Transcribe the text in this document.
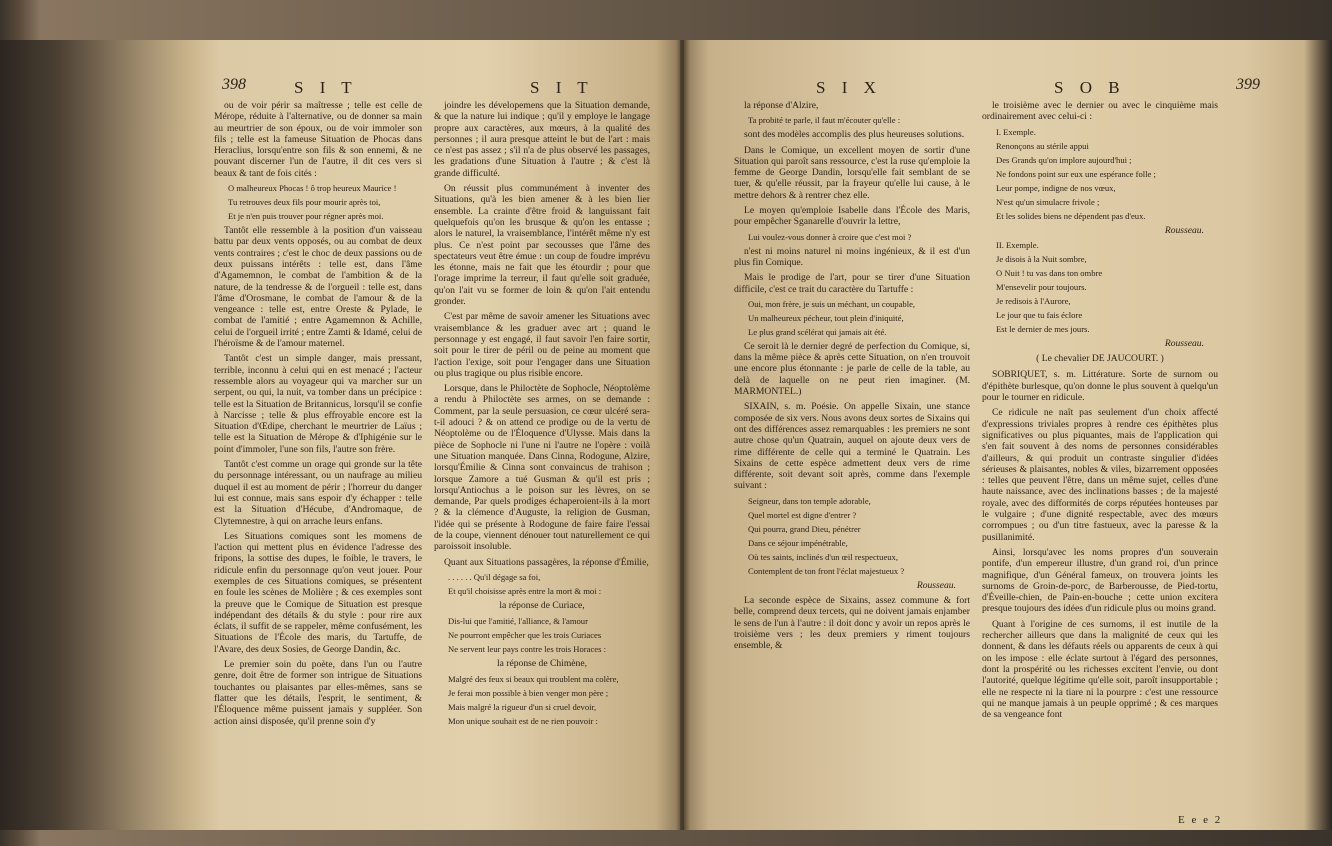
398	S I T	S I T

ou de voir périr sa maîtresse ; telle est celle de Mérope, réduite à l'alternative, ou de donner sa main au meurtrier de son époux, ou de voir immoler son fils ; telle est la fameuse Situation de Phocas dans Heraclius, lorsqu'entre son fils & son ennemi, & ne pouvant discerner l'un de l'autre, il dit ces vers si beaux & tant de fois cités :

O malheureux Phocas ! ô trop heureux Maurice !

Tu retrouves deux fils pour mourir après toi,

Et je n'en puis trouver pour régner après moi.

Tantôt elle ressemble à la position d'un vaisseau battu par deux vents opposés, ou au combat de deux vents contraires ; c'est le choc de deux passions ou de deux puissans intérêts : telle est, dans l'âme d'Agamemnon, le combat de l'ambition & de la nature, de la tendresse & de l'orgueil : telle est, dans l'âme d'Orosmane, le combat de l'amour & de la vengeance : telle est, entre Oreste & Pylade, le combat de l'amitié ; entre Agamemnon & Achille, celui de l'orgueil irrité ; entre Zamti & Idamé, celui de l'héroïsme & de l'amour maternel.

Tantôt c'est un simple danger, mais pressant, terrible, inconnu à celui qui en est menacé ; l'acteur ressemble alors au voyageur qui va marcher sur un serpent, ou qui, la nuit, va tomber dans un précipice : telle est la Situation de Britannicus, lorsqu'il se confie à Narcisse ; telle & plus effroyable encore est la Situation d'Œdipe, cherchant le meurtrier de Laïus ; telle est la Situation de Mérope & d'Iphigénie sur le point d'immoler, l'une son fils, l'autre son frère.

Tantôt c'est comme un orage qui gronde sur la tête du personnage intéressant, ou un naufrage au milieu duquel il est au moment de périr ; l'horreur du danger lui est connue, mais sans espoir d'y échapper : telle est la Situation d'Hécube, d'Andromaque, de Clytemnestre, à qui on arrache leurs enfans.

Les Situations comiques sont les momens de l'action qui mettent plus en évidence l'adresse des fripons, la sottise des dupes, le foible, le travers, le ridicule enfin du personnage qu'on veut jouer. Pour exemples de ces Situations comiques, se présentent en foule les scènes de Molière ; & ces exemples sont la preuve que le Comique de Situation est presque indépendant des détails & du style : pour rire aux éclats, il suffit de se rappeler, même confusément, les Situations de l'École des maris, du Tartuffe, de l'Avare, des deux Sosies, de George Dandin, &c.

Le premier soin du poète, dans l'un ou l'autre genre, doit être de former son intrigue de Situations touchantes ou plaisantes par elles-mêmes, sans se flatter que les détails, l'esprit, le sentiment, & l'Éloquence même puissent jamais y suppléer. Son action ainsi disposée, qu'il prenne soin d'y

joindre les dévelopemens que la Situation demande, & que la nature lui indique ; qu'il y employe le langage propre aux caractères, aux mœurs, à la qualité des personnes ; il aura presque atteint le but de l'art : mais ce n'est pas assez ; s'il n'a de plus observé les passages, les gradations d'une Situation à l'autre ; & c'est là grande difficulté.

On réussit plus communément à inventer des Situations, qu'à les bien amener & à les bien lier ensemble. La crainte d'être froid & languissant fait quelquefois qu'on les brusque & qu'on les entasse ; alors le naturel, la vraisemblance, l'intérêt même n'y est plus. Ce n'est point par secousses que l'âme des spectateurs veut être émue : un coup de foudre imprévu les étonne, mais ne fait que les étourdir ; pour que l'orage imprime la terreur, il faut qu'elle soit graduée, qu'on l'ait vu se former de loin & qu'on l'ait entendu gronder.

C'est par même de savoir amener les Situations avec vraisemblance & les graduer avec art ; quand le personnage y est engagé, il faut savoir l'en faire sortir, soit pour le tirer de péril ou de peine au moment que l'action l'exige, soit pour l'engager dans une Situation ou plus tragique ou plus risible encore.

Lorsque, dans le Philoctète de Sophocle, Néoptolème a rendu à Philoctète ses armes, on se demande : Comment, par la seule persuasion, ce cœur ulcéré sera-t-il adouci ? & on attend ce prodige ou de la vertu de Néoptolème ou de l'Éloquence d'Ulysse. Mais dans la pièce de Sophocle ni l'une ni l'autre ne l'opère : voilà une Situation manquée. Dans Cinna, Rodogune, Alzire, lorsqu'Émilie & Cinna sont convaincus de trahison ; lorsque Zamore a tué Gusman & qu'il est pris ; lorsqu'Antiochus a le poison sur les lèvres, on se demande, Par quels prodiges échaperoient-ils à la mort ? & la clémence d'Auguste, la religion de Gusman, l'idée qui se présente à Rodogune de faire faire l'essai de la coupe, viennent dénouer tout naturellement ce qui paroissoit insoluble.

Quant aux Situations passagères, la réponse d'Émilie,

. . . . . . Qu'il dégage sa foi,

Et qu'il choisisse après entre la mort & moi :

la réponse de Curiace,

Dis-lui que l'amitié, l'alliance, & l'amour

Ne pourront empêcher que les trois Curiaces

Ne servent leur pays contre les trois Horaces :

la réponse de Chimène,

Malgré des feux si beaux qui troublent ma colère,

Je ferai mon possible à bien venger mon père ;

Mais malgré la rigueur d'un si cruel devoir,

Mon unique souhait est de ne rien pouvoir :

S I X	S O B	399

la réponse d'Alzire,

Ta probité te parle, il faut m'écouter qu'elle :

sont des modèles accomplis des plus heureuses solutions.

Dans le Comique, un excellent moyen de sortir d'une Situation qui paroît sans ressource, c'est la ruse qu'emploie la femme de George Dandin, lorsqu'elle fait semblant de se tuer, & qu'elle réussit, par la frayeur qu'elle lui cause, à le mettre dehors & à rentrer chez elle.

Le moyen qu'emploie Isabelle dans l'École des Maris, pour empêcher Sganarelle d'ouvrir la lettre,

Lui voulez-vous donner à croire que c'est moi ?

n'est ni moins naturel ni moins ingénieux, & il est d'un plus fin Comique.

Mais le prodige de l'art, pour se tirer d'une Situation difficile, c'est ce trait du caractère du Tartuffe :

Oui, mon frère, je suis un méchant, un coupable,

Un malheureux pécheur, tout plein d'iniquité,

Le plus grand scélérat qui jamais ait été.

Ce seroit là le dernier degré de perfection du Comique, si, dans la même pièce & après cette Situation, on n'en trouvoit une encore plus étonnante : je parle de celle de la table, au delà de laquelle on ne peut rien imaginer. (M. MARMONTEL.)

SIXAIN, s. m. Poésie. On appelle Sixain, une stance composée de six vers. Nous avons deux sortes de Sixains qui ont des différences assez remarquables : les premiers ne sont autre chose qu'un Quatrain, auquel on ajoute deux vers de rime différente de celle qui a terminé le Quatrain. Les Sixains de cette espèce admettent deux vers de rime différente, soit devant soit après, comme dans l'exemple suivant :

Seigneur, dans ton temple adorable,

Quel mortel est digne d'entrer ?

Qui pourra, grand Dieu, pénétrer

Dans ce séjour impénétrable,

Où tes saints, inclinés d'un œil respectueux,

Contemplent de ton front l'éclat majestueux ?

Rousseau.

La seconde espèce de Sixains, assez commune & fort belle, comprend deux tercets, qui ne doivent jamais enjamber le sens de l'un à l'autre : il doit donc y avoir un repos après le troisième vers ; les deux premiers y riment toujours ensemble, &

le troisième avec le dernier ou avec le cinquième mais ordinairement avec celui-ci :

I. Exemple.

Renonçons au stérile appui

Des Grands qu'on implore aujourd'hui ;

Ne fondons point sur eux une espérance folle ;

Leur pompe, indigne de nos vœux,

N'est qu'un simulacre frivole ;

Et les solides biens ne dépendent pas d'eux.

Rousseau.

II. Exemple.

Je disois à la Nuit sombre,

O Nuit ! tu vas dans ton ombre

M'ensevelir pour toujours.

Je redisois à l'Aurore,

Le jour que tu fais éclore

Est le dernier de mes jours.

Rousseau.

( Le chevalier DE JAUCOURT. )

SOBRIQUET, s. m. Littérature. Sorte de surnom ou d'épithète burlesque, qu'on donne le plus souvent à quelqu'un pour le tourner en ridicule.

Ce ridicule ne naît pas seulement d'un choix affecté d'expressions triviales propres à rendre ces épithètes plus significatives ou plus piquantes, mais de l'application qui s'en fait souvent à des noms de personnes considérables d'ailleurs, & qui produit un contraste singulier d'idées sérieuses & plaisantes, nobles & viles, bizarrement opposées : telles que peuvent l'être, dans un même sujet, celles d'une haute naissance, avec des inclinations basses ; de la majesté royale, avec des difformités de corps réputées honteuses par le vulgaire ; d'une dignité respectable, avec des mœurs corrompues ; ou d'un titre fastueux, avec la paresse & la pusillanimité.

Ainsi, lorsqu'avec les noms propres d'un souverain pontife, d'un empereur illustre, d'un grand roi, d'un prince magnifique, d'un Général fameux, on trouvera joints les surnoms de Groin-de-porc, de Barberousse, de Pied-tortu, d'Éveille-chien, de Pain-en-bouche ; cette union excitera presque toujours des idées d'un ridicule plus ou moins grand.

Quant à l'origine de ces surnoms, il est inutile de la rechercher ailleurs que dans la malignité de ceux qui les donnent, & dans les défauts réels ou apparents de ceux à qui on les impose : elle éclate surtout à l'égard des personnes, dont la prospérité ou les richesses excitent l'envie, ou dont l'autorité, quelque légitime qu'elle soit, paroît insupportable ; elle ne respecte ni la tiare ni la pourpre : c'est une ressource qui ne manque jamais à un peuple opprimé ; & ces marques de sa vengeance font

E e e 2
